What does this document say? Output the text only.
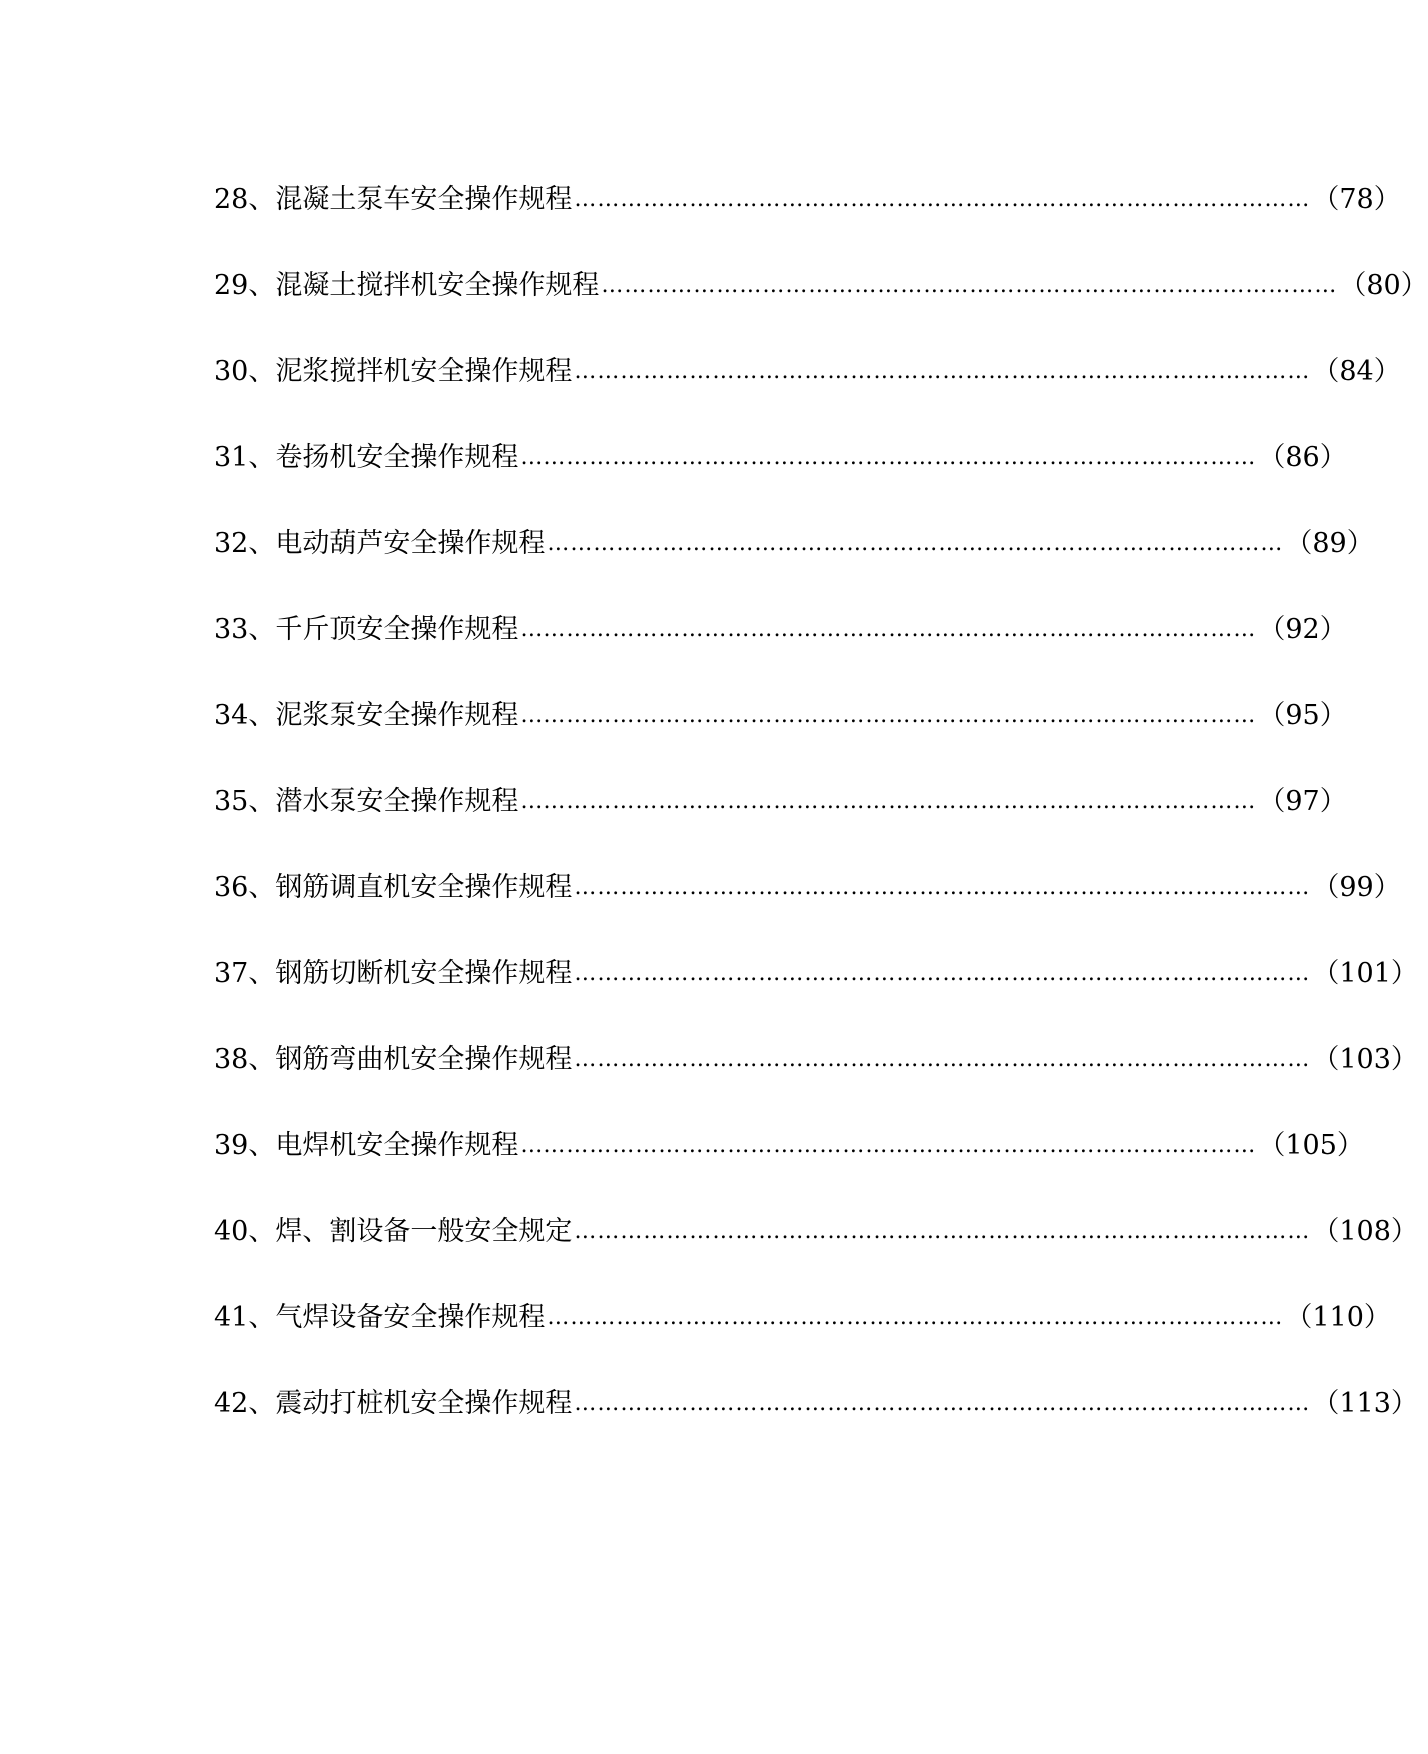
28、混凝土泵车安全操作规程 …………………………………………………………………………………… （78）
29、混凝土搅拌机安全操作规程 …………………………………………………………………………………… （80）
30、泥浆搅拌机安全操作规程 …………………………………………………………………………………… （84）
31、卷扬机安全操作规程 …………………………………………………………………………………… （86）
32、电动葫芦安全操作规程 …………………………………………………………………………………… （89）
33、千斤顶安全操作规程 …………………………………………………………………………………… （92）
34、泥浆泵安全操作规程 …………………………………………………………………………………… （95）
35、潜水泵安全操作规程 …………………………………………………………………………………… （97）
36、钢筋调直机安全操作规程 …………………………………………………………………………………… （99）
37、钢筋切断机安全操作规程 …………………………………………………………………………………… （101）
38、钢筋弯曲机安全操作规程 …………………………………………………………………………………… （103）
39、电焊机安全操作规程 …………………………………………………………………………………… （105）
40、焊、割设备一般安全规定 …………………………………………………………………………………… （108）
41、气焊设备安全操作规程 …………………………………………………………………………………… （110）
42、震动打桩机安全操作规程 …………………………………………………………………………………… （113）
